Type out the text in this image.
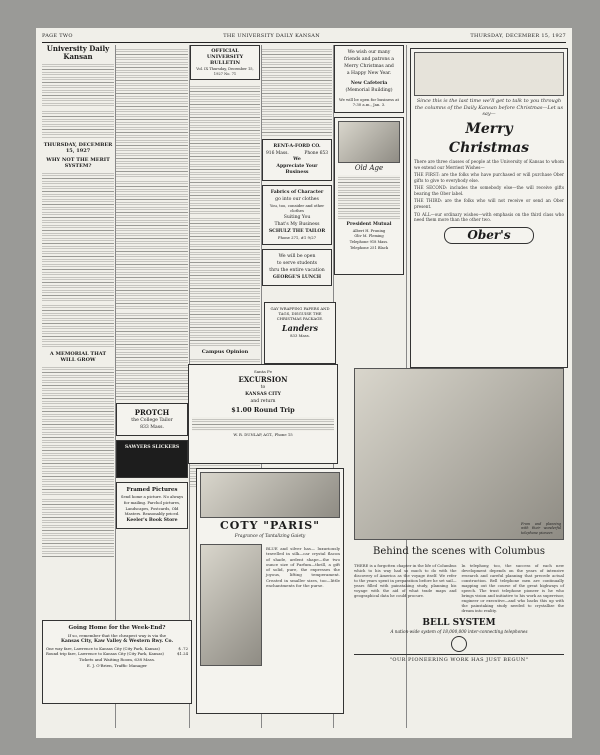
PAGE TWO	THE UNIVERSITY DAILY KANSAN	THURSDAY, DECEMBER 15, 1927
University Daily Kansan
THURSDAY, DECEMBER 15, 1927
WHY NOT THE MERIT SYSTEM?
A MEMORIAL THAT WILL GROW
PROTCH
the College Tailor
833 Mass.
SAWYERS SLICKERS
Framed Pictures
Send home a picture. No always
for mailing. Parchol pictures,
Landscapes, Postcards, Old Masters. Reasonably priced.
Keeler's Book Store
Going Home for the Week-End?
If so, remember that the cheapest way is via the
Kansas City, Kaw Valley & Western Rwy. Co.
One way fare, Lawrence to Kansas City (City Park, Kansas)	$ .72
Round trip fare, Lawrence to Kansas City (City Park, Kansas)	$1.24
Tickets and Waiting Room, 638 Mass.
E. J. O'Brien, Traffic Manager
OFFICIAL UNIVERSITY BULLETIN
Vol. IX Thursday, December 15, 1927 No. 71
Campus Opinion
RENT-A-FORD CO.
916 Mass.	Phone 653
We
Appreciate Your Business
Fabrics of Character
go into our clothes
You, too, consider and other clothes
Suiting You
That's My Business
SCHULZ THE TAILOR
Phone 271, #1 9/27
We will be open
to serve students
thru the entire vacation
GEORGE'S LUNCH
We wish our many
friends and patrons a
Merry Christmas and
a Happy New Year.
New Cafeteria
(Memorial Building)
We will be open for business at 7:30 a.m., Jan. 3.
Old Age
President Mutual
Albert H. Pruning
Oliv M. Fleming
Telephone 918 Mass.
Telephone 251 Black
GAY WRAPPING PAPERS AND TAGS, DISGUISE THE CHRISTMAS PACKAGE.
Landers
833 Mass.
Santa Fe
EXCURSION
to
KANSAS CITY
and return
$1.00 Round Trip
W. R. DUNLAP, AGT., Phone 15
COTY "PARIS"
Fragrance of Tantalizing Gaiety
BLUE and silver has— luxuriously travelled in silk—car crystal flacon of shade, ardent shape—the two ounce size of Parfum—thrill, a gift of solid, pure, the expresses the joyous, lifting temperament. Created in smaller sizes, too—little enchantments for the purse.
Since this is the last time we'll get to talk to you through the columns of the Daily Kansan before Christmas—Let us say—
Merry
Christmas
There are three classes of people at the University of Kansas to whom we extend our Merriest Wishes—
THE FIRST: are the folks who have purchased or will purchase Ober gifts to give to everybody else.
THE SECOND: includes the somebody else—the will receive gifts bearing the Ober label.
THE THIRD: are the folks who will not receive or send an Ober present.
TO ALL—our ordinary wishes—with emphasis on the third class who need them more than the other two.
Ober's
From and planning with their wonderful telephone pioneer.
Behind the scenes with Columbus
THERE is a forgotten chapter in the life of Columbus which to his way had so much to do with the discovery of America as the voyage itself. We refer to the years spent in preparation before he set sail—years filled with painstaking study, planning his voyage with the aid of what trade maps and geographical data he could procure.
In telephony, too, the success of each new development depends on the years of intensive research and careful planning that precede actual construction. Bell telephone men are continually mapping out the course of the great highways of speech. The trust telephone pioneer is he who brings vision and initiative to his work as supervisor, engineer or executive—and who backs this up with the painstaking study needed to crystallize the dream into reality.
BELL SYSTEM
A nation-wide system of 18,000,000 inter-connecting telephones
"OUR PIONEERING WORK HAS JUST BEGUN"
